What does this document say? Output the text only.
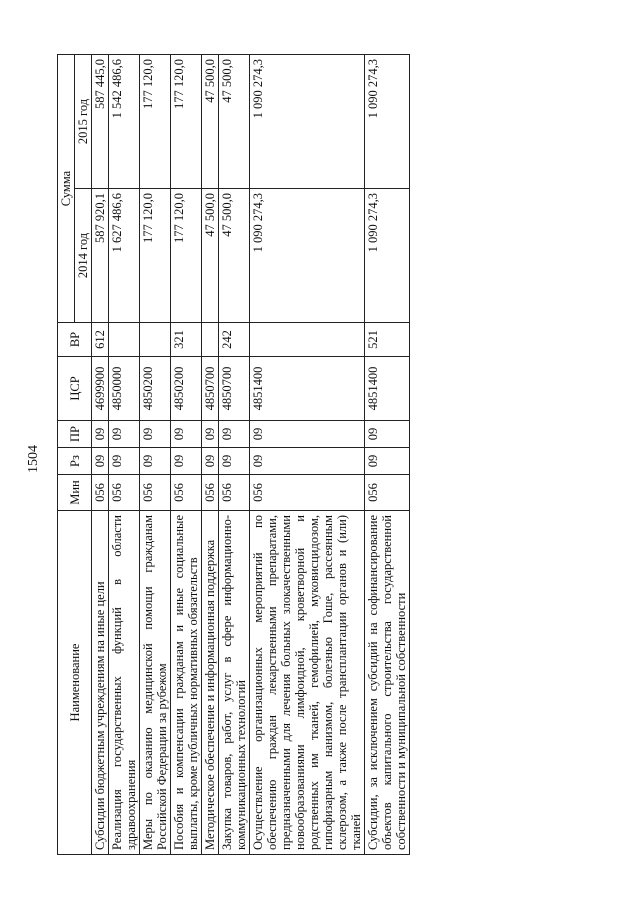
1504
Наименование	Мин	Рз	ПР	ЦСР	ВР	Сумма	
						2014 год	2015 год
Субсидии бюджетным учреждениям на иные цели	056	09	09	4699900	612	587 920,1	587 445,0
Реализация государственных функций в области здравоохранения	056	09	09	4850000		1 627 486,6	1 542 486,6
Меры по оказанию медицинской помощи гражданам Российской Федерации за рубежом	056	09	09	4850200		177 120,0	177 120,0
Пособия и компенсации гражданам и иные социальные выплаты, кроме публичных нормативных обязательств	056	09	09	4850200	321	177 120,0	177 120,0
Методическое обеспечение и информационная поддержка	056	09	09	4850700		47 500,0	47 500,0
Закупка товаров, работ, услуг в сфере информационно-коммуникационных технологий	056	09	09	4850700	242	47 500,0	47 500,0
Осуществление организационных мероприятий по обеспечению граждан лекарственными препаратами, предназначенными для лечения больных злокачественными новообразованиями лимфоидной, кроветворной и родственных им тканей, гемофилией, муковисцидозом, гипофизарным нанизмом, болезнью Гоше, рассеянным склерозом, а также после трансплантации органов и (или) тканей	056	09	09	4851400		1 090 274,3	1 090 274,3
Субсидии, за исключением субсидий на софинансирование объектов капитального строительства государственной собственности и муниципальной собственности	056	09	09	4851400	521	1 090 274,3	1 090 274,3
